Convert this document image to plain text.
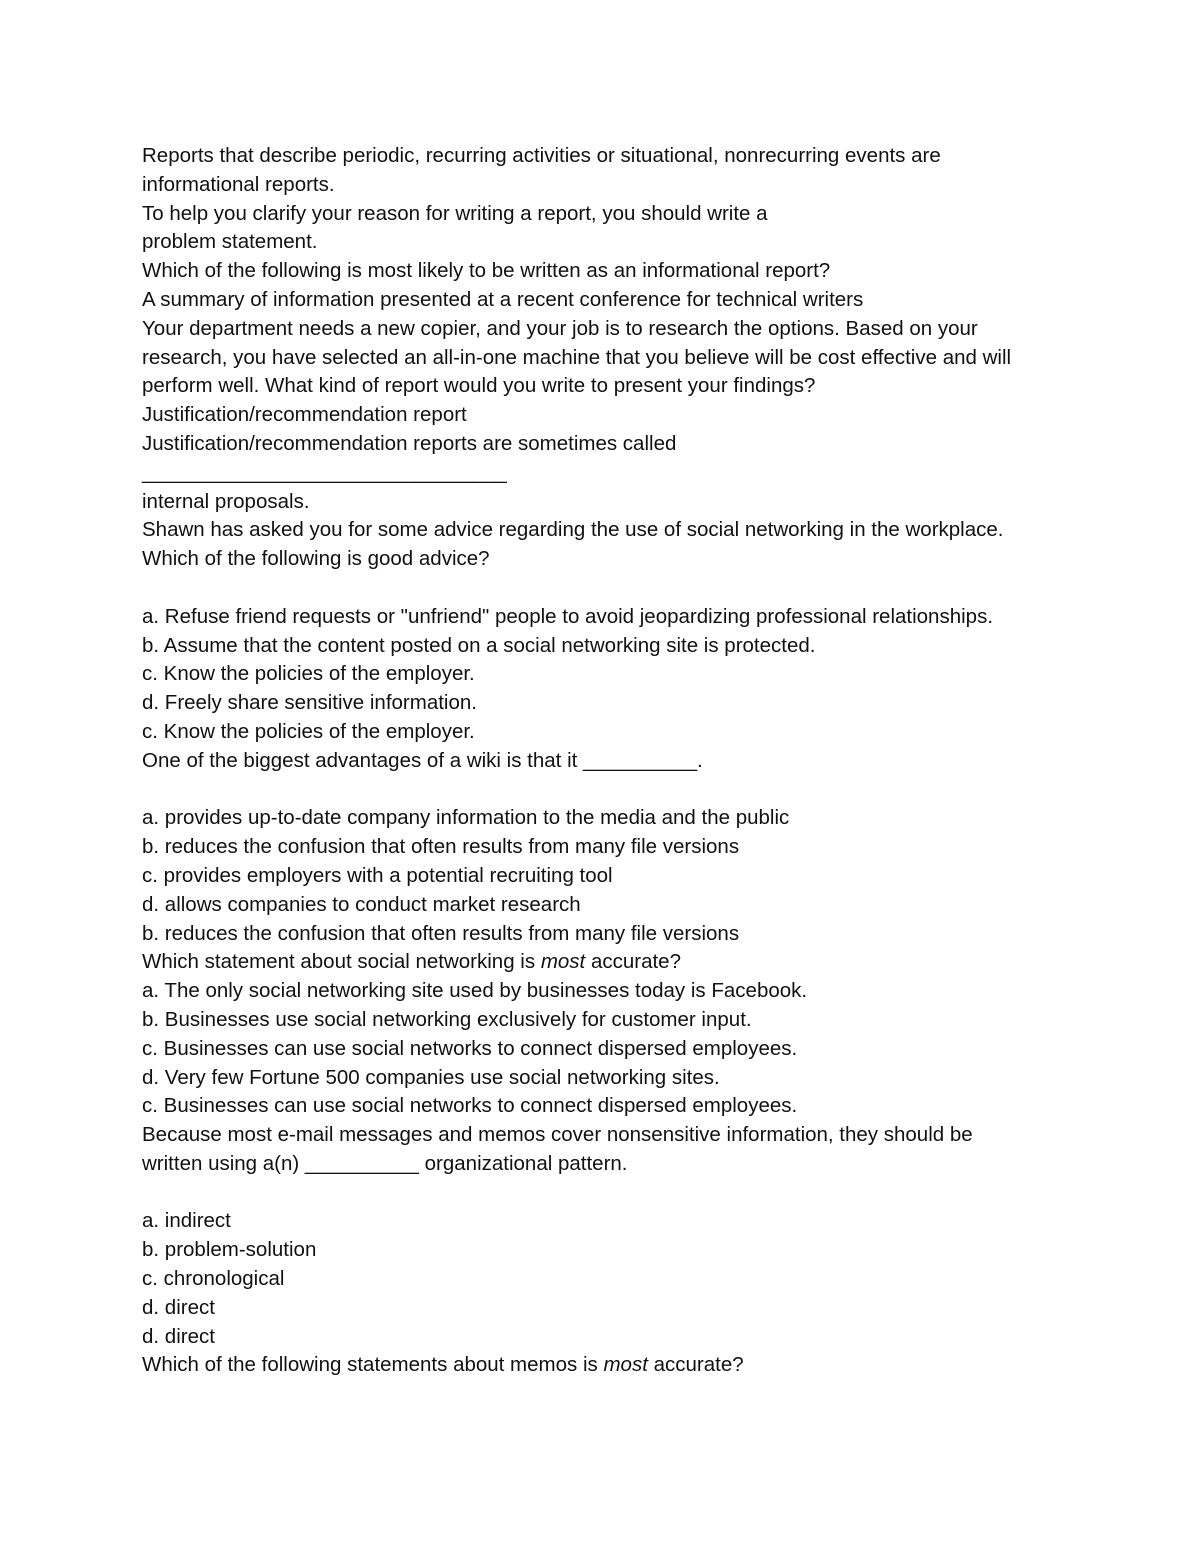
Reports that describe periodic, recurring activities or situational, nonrecurring events are
informational reports.
To help you clarify your reason for writing a report, you should write a
problem statement.
Which of the following is most likely to be written as an informational report?
A summary of information presented at a recent conference for technical writers
Your department needs a new copier, and your job is to research the options. Based on your
research, you have selected an all-in-one machine that you believe will be cost effective and will
perform well. What kind of report would you write to present your findings?
Justification/recommendation report
Justification/recommendation reports are sometimes called
________________________________
internal proposals.
Shawn has asked you for some advice regarding the use of social networking in the workplace.
Which of the following is good advice?
a. Refuse friend requests or "unfriend" people to avoid jeopardizing professional relationships.
b. Assume that the content posted on a social networking site is protected.
c. Know the policies of the employer.
d. Freely share sensitive information.
c. Know the policies of the employer.
One of the biggest advantages of a wiki is that it __________.
a. provides up-to-date company information to the media and the public
b. reduces the confusion that often results from many file versions
c. provides employers with a potential recruiting tool
d. allows companies to conduct market research
b. reduces the confusion that often results from many file versions
Which statement about social networking is most accurate?
a. The only social networking site used by businesses today is Facebook.
b. Businesses use social networking exclusively for customer input.
c. Businesses can use social networks to connect dispersed employees.
d. Very few Fortune 500 companies use social networking sites.
c. Businesses can use social networks to connect dispersed employees.
Because most e-mail messages and memos cover nonsensitive information, they should be
written using a(n) __________ organizational pattern.
a. indirect
b. problem-solution
c. chronological
d. direct
d. direct
Which of the following statements about memos is most accurate?
